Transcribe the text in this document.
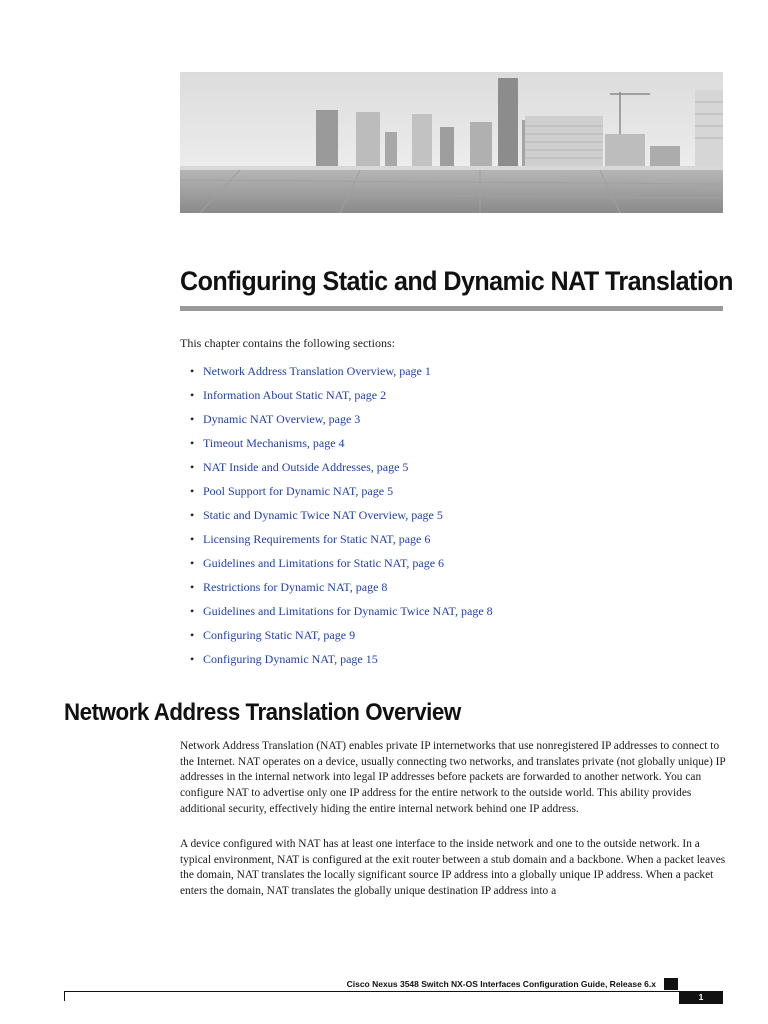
Configuring Static and Dynamic NAT Translation

This chapter contains the following sections:

• Network Address Translation Overview, page 1
• Information About Static NAT, page 2
• Dynamic NAT Overview, page 3
• Timeout Mechanisms, page 4
• NAT Inside and Outside Addresses, page 5
• Pool Support for Dynamic NAT, page 5
• Static and Dynamic Twice NAT Overview, page 5
• Licensing Requirements for Static NAT, page 6
• Guidelines and Limitations for Static NAT, page 6
• Restrictions for Dynamic NAT, page 8
• Guidelines and Limitations for Dynamic Twice NAT, page 8
• Configuring Static NAT, page 9
• Configuring Dynamic NAT, page 15
Network Address Translation Overview

Network Address Translation (NAT) enables private IP internetworks that use nonregistered IP addresses to connect to the Internet. NAT operates on a device, usually connecting two networks, and translates private (not globally unique) IP addresses in the internal network into legal IP addresses before packets are forwarded to another network. You can configure NAT to advertise only one IP address for the entire network to the outside world. This ability provides additional security, effectively hiding the entire internal network behind one IP address.

A device configured with NAT has at least one interface to the inside network and one to the outside network. In a typical environment, NAT is configured at the exit router between a stub domain and a backbone. When a packet leaves the domain, NAT translates the locally significant source IP address into a globally unique IP address. When a packet enters the domain, NAT translates the globally unique destination IP address into a

Cisco Nexus 3548 Switch NX-OS Interfaces Configuration Guide, Release 6.x
1
